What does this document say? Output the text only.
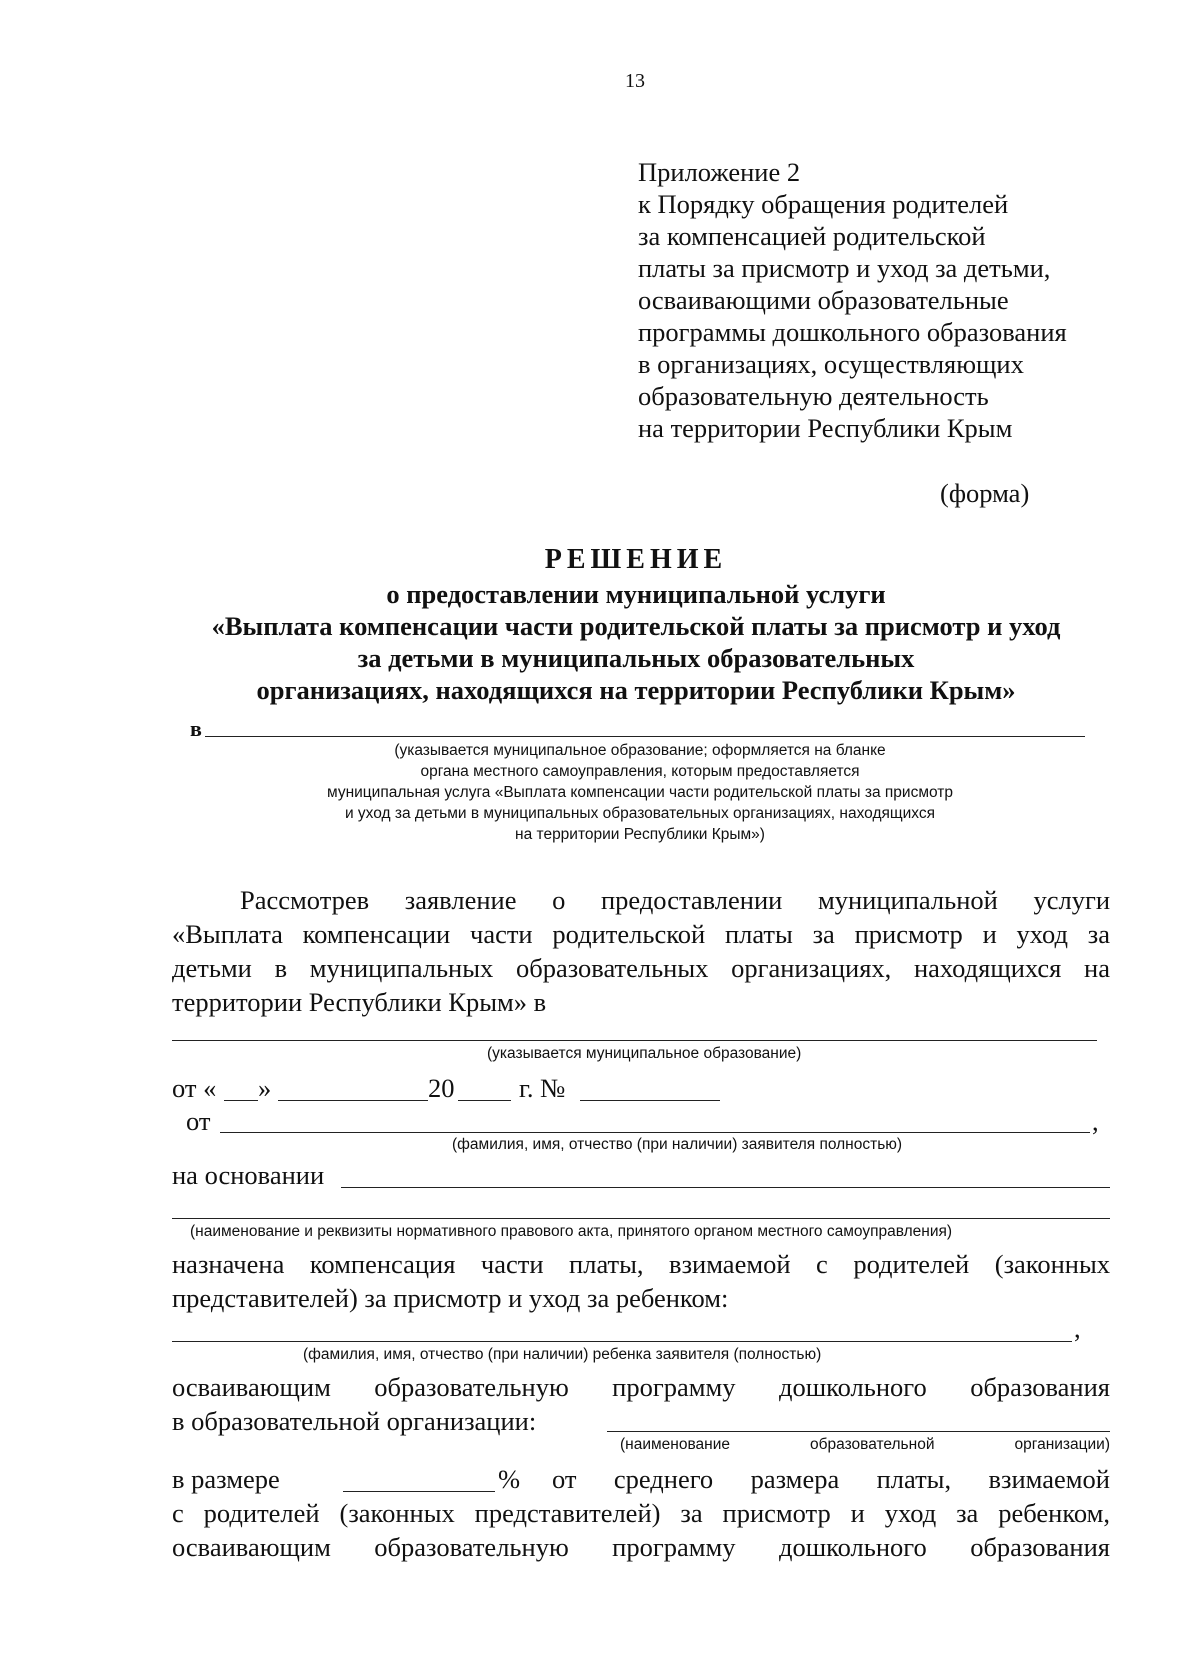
13
Приложение 2
к Порядку обращения родителей
за компенсацией родительской
платы за присмотр и уход за детьми,
осваивающими образовательные
программы дошкольного образования
в организациях, осуществляющих
образовательную деятельность
на территории Республики Крым
(форма)
РЕШЕНИЕ
о предоставлении муниципальной услуги
«Выплата компенсации части родительской платы за присмотр и уход
за детьми в муниципальных образовательных
организациях, находящихся на территории Республики Крым»
в
(указывается муниципальное образование; оформляется на бланке
органа местного самоуправления, которым предоставляется
муниципальная услуга «Выплата компенсации части родительской платы за присмотр
и уход за детьми в муниципальных образовательных организациях, находящихся
на территории Республики Крым»)
Рассмотрев заявление о предоставлении муниципальной услуги
«Выплата компенсации части родительской платы за присмотр и уход за
детьми в муниципальных образовательных организациях, находящихся на
территории Республики Крым» в
(указывается муниципальное образование)
от « »	20 г. №
от	,
(фамилия, имя, отчество (при наличии) заявителя полностью)
на основании
(наименование и реквизиты нормативного правового акта, принятого органом местного самоуправления)
назначена компенсация части платы, взимаемой с родителей (законных
представителей) за присмотр и уход за ребенком:
,
(фамилия, имя, отчество (при наличии) ребенка заявителя (полностью)
осваивающим образовательную программу дошкольного образования
в образовательной организации:
(наименование образовательной организации)
в размере	% от среднего размера платы, взимаемой
с родителей (законных представителей) за присмотр и уход за ребенком,
осваивающим образовательную программу дошкольного образования
